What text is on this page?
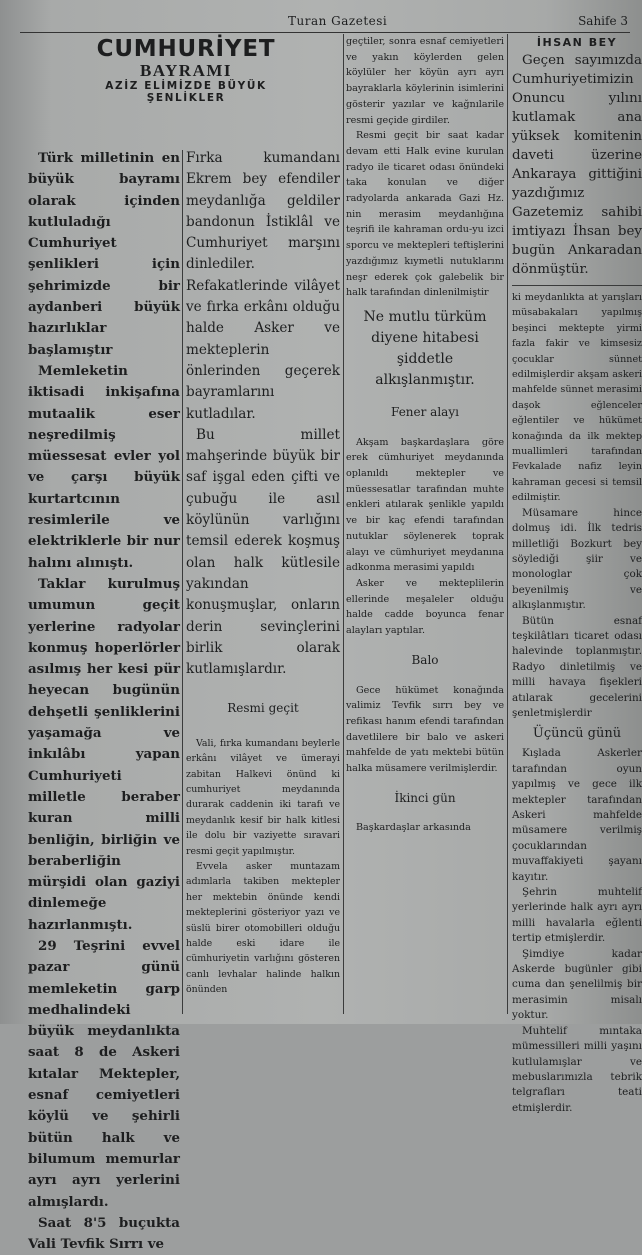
Turan Gazetesi	Sahife 3
CUMHURİYET
BAYRAMI
AZİZ ELİMİZDE BÜYÜK
ŞENLİKLER

Türk milletinin en büyük bayramı olarak içinden kutluladığı Cumhuriyet şenlikleri için şehrimizde bir aydanberi büyük hazırlıklar başlamıştır

Memleketin iktisadi inkişafına mutaalik eser neşredilmiş müessesat evler yol ve çarşı büyük kurtartcının resimlerile ve elektriklerle bir nur halını alınıştı.

Taklar kurulmuş umumun geçit yerlerine radyolar konmuş hoperlörler asılmış her kesi pür heyecan bugünün dehşetli şenliklerini yaşamağa ve inkılâbı yapan Cumhuriyeti milletle beraber kuran milli benliğin, birliğin ve beraberliğin mürşidi olan gaziyi dinlemeğe hazırlanmıştı.

29 Teşrini evvel pazar günü memleketin garp medhalindeki büyük meydanlıkta saat 8 de Askeri kıtalar Mektepler, esnaf cemiyetleri köylü ve şehirli bütün halk ve bilumum memurlar ayrı ayrı yerlerini almışlardı.

Saat 8'5 buçukta Vali Tevfik Sırrı ve

Fırka kumandanı Ekrem bey efendiler meydanlığa geldiler bandonun İstiklâl ve Cumhuriyet marşını dinlediler. Refakatlerinde vilâyet ve fırka erkânı olduğu halde Asker ve mekteplerin önlerinden geçerek bayramlarını kutladılar.

Bu millet mahşerinde büyük bir saf işgal eden çifti ve çubuğu ile asıl köylünün varlığını temsil ederek koşmuş olan halk kütlesile yakından konuşmuşlar, onların derin sevinçlerini birlik olarak kutlamışlardır.

Resmi geçit

Vali, fırka kumandanı beylerle erkânı vilâyet ve ümerayi zabitan Halkevi önünd ki cumhuriyet meydanında durarak caddenin iki tarafı ve meydanlık kesif bir halk kitlesi ile dolu bir vaziyette sıravari resmi geçit yapılmıştır.

Evvela asker muntazam adımlarla takiben mektepler her mektebin önünde kendi mekteplerini gösteriyor yazı ve süslü birer otomobilleri olduğu halde eski idare ile cümhuriyetin varlığını gösteren canlı levhalar halinde halkın önünden

geçtiler, sonra esnaf cemiyetleri ve yakın köylerden gelen köylüler her köyün ayrı ayrı bayraklarla köylerinin isimlerini gösterir yazılar ve kağnılarile resmi geçide girdiler.

Resmi geçit bir saat kadar devam etti Halk evine kurulan radyo ile ticaret odası önündeki taka konulan ve diğer radyolarda ankarada Gazi Hz. nin merasim meydanlığına teşrifi ile kahraman ordu-yu izci sporcu ve mektepleri teftişlerini yazdığımız kıymetli nutuklarını neşr ederek çok galebelik bir halk tarafından dinlenilmiştir

Ne mutlu türküm diyene hitabesi şiddetle alkışlanmıştır.
Fener alayı

Akşam başkardaşlara göre erek cümhuriyet meydanında oplanıldı mektepler ve müessesatlar tarafından muhte enkleri atılarak şenlikle yapıldı ve bir kaç efendi tarafından nutuklar söylenerek toprak alayı ve cümhuriyet meydanına adkonma merasimi yapıldı

Asker ve mekteplilerin ellerinde meşaleler olduğu halde cadde boyunca fenar alayları yaptılar.

Balo

Gece hükümet konağında valimiz Tevfik sırrı bey ve refikası hanım efendi tarafından davetlilere bir balo ve askeri mahfelde de yatı mektebi bütün halka müsamere verilmişlerdir.

İkinci gün

Başkardaşlar arkasında

İHSAN BEY

Geçen sayımızda Cumhuriyetimizin Onuncu yılını kutlamak ana yüksek komitenin daveti üzerine Ankaraya gittiğini yazdığımız Gazetemiz sahibi imtiyazı İhsan bey bugün Ankaradan dönmüştür.

ki meydanlıkta at yarışları müsabakaları yapılmış beşinci mektepte yirmi fazla fakir ve kimsesiz çocuklar sünnet edilmişlerdir akşam askeri mahfelde sünnet merasimi daşok eğlenceler eğlentiler ve hükümet konağında da ilk mektep muallimleri tarafından Fevkalade nafiz leyin kahraman gecesi si temsil edilmiştir.

Müsamare hince dolmuş idi. İlk tedris milletliği Bozkurt bey söylediği şiir ve monologlar çok beyenilmiş ve alkışlanmıştır.

Bütün esnaf teşkilâtları ticaret odası halevinde toplanmıştır. Radyo dinletilmiş ve milli havaya fişekleri atılarak gecelerini şenletmişlerdir

Üçüncü günü

Kışlada Askerler tarafından oyun yapılmış ve gece ilk mektepler tarafından Askeri mahfelde müsamere verilmiş çocuklarından muvaffakiyeti şayanı kayıtır.

Şehrin muhtelif yerlerinde halk ayrı ayrı milli havalarla eğlenti tertip etmişlerdir.

Şimdiye kadar Askerde bugünler gibi cuma dan şenelilmiş bir merasimin misalı yoktur.

Muhtelif mıntaka mümessilleri milli yaşını kutlulamışlar ve mebuslarımızla tebrik telgrafları teati etmişlerdir.
